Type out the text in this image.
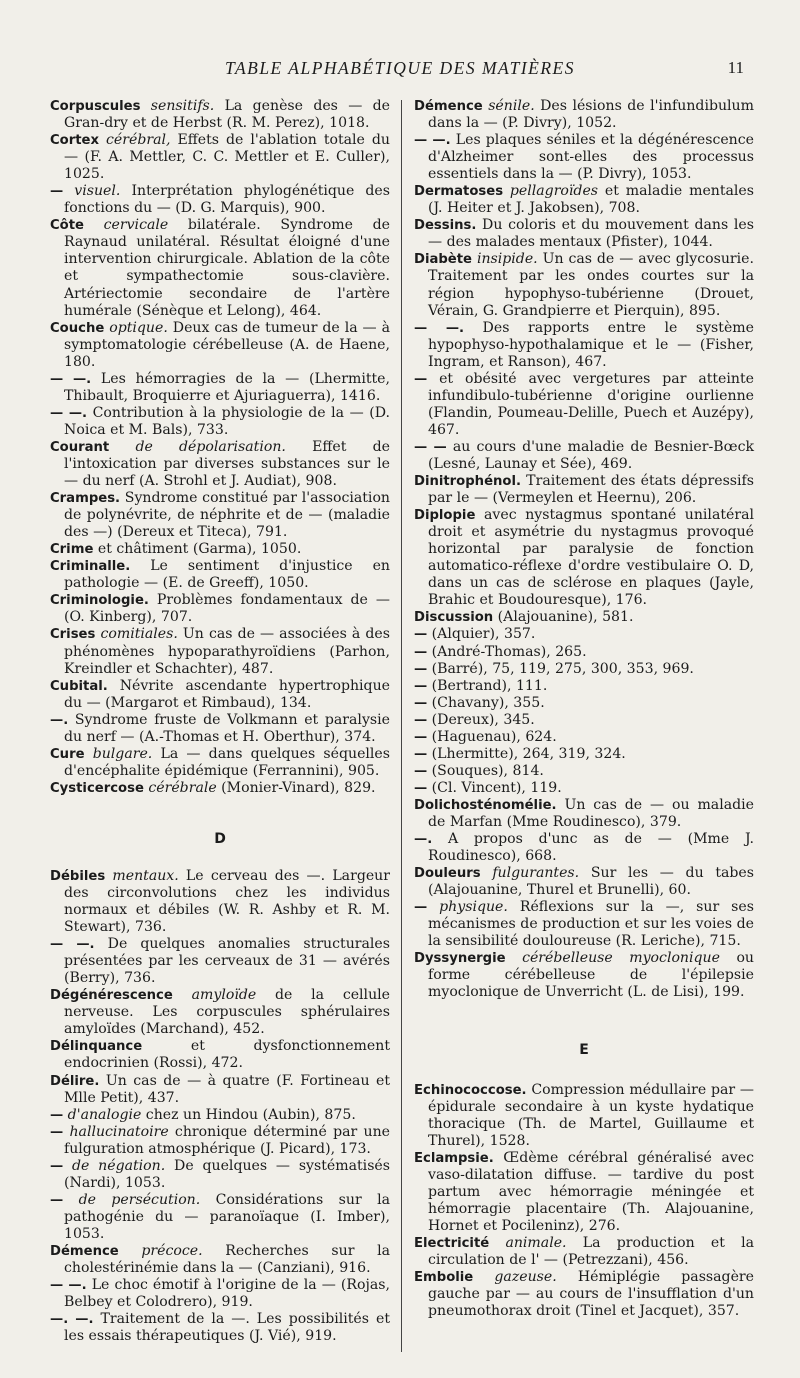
TABLE ALPHABÉTIQUE DES MATIÈRES	11

Corpuscules sensitifs. La genèse des — de Gran-dry et de Herbst (R. M. Perez), 1018.

Cortex cérébral, Effets de l'ablation totale du — (F. A. Mettler, C. C. Mettler et E. Culler), 1025.

— visuel. Interprétation phylogénétique des fonctions du — (D. G. Marquis), 900.

Côte cervicale bilatérale. Syndrome de Raynaud unilatéral. Résultat éloigné d'une intervention chirurgicale. Ablation de la côte et sympathectomie sous-clavière. Artériectomie secondaire de l'artère humérale (Sénèque et Lelong), 464.

Couche optique. Deux cas de tumeur de la — à symptomatologie cérébelleuse (A. de Haene, 180.

— —. Les hémorragies de la — (Lhermitte, Thibault, Broquierre et Ajuriaguerra), 1416.

— —. Contribution à la physiologie de la — (D. Noica et M. Bals), 733.

Courant de dépolarisation. Effet de l'intoxication par diverses substances sur le — du nerf (A. Strohl et J. Audiat), 908.

Crampes. Syndrome constitué par l'association de polynévrite, de néphrite et de — (maladie des —) (Dereux et Titeca), 791.

Crime et châtiment (Garma), 1050.

Criminalle. Le sentiment d'injustice en pathologie — (E. de Greeff), 1050.

Criminologie. Problèmes fondamentaux de — (O. Kinberg), 707.

Crises comitiales. Un cas de — associées à des phénomènes hypoparathyroïdiens (Parhon, Kreindler et Schachter), 487.

Cubital. Névrite ascendante hypertrophique du — (Margarot et Rimbaud), 134.

—. Syndrome fruste de Volkmann et paralysie du nerf — (A.-Thomas et H. Oberthur), 374.

Cure bulgare. La — dans quelques séquelles d'encéphalite épidémique (Ferrannini), 905.

Cysticercose cérébrale (Monier-Vinard), 829.

D

Débiles mentaux. Le cerveau des —. Largeur des circonvolutions chez les individus normaux et débiles (W. R. Ashby et R. M. Stewart), 736.

— —. De quelques anomalies structurales présentées par les cerveaux de 31 — avérés (Berry), 736.

Dégénérescence amyloïde de la cellule nerveuse. Les corpuscules sphérulaires amyloïdes (Marchand), 452.

Délinquance et dysfonctionnement endocrinien (Rossi), 472.

Délire. Un cas de — à quatre (F. Fortineau et Mlle Petit), 437.

— d'analogie chez un Hindou (Aubin), 875.

— hallucinatoire chronique déterminé par une fulguration atmosphérique (J. Picard), 173.

— de négation. De quelques — systématisés (Nardi), 1053.

— de persécution. Considérations sur la pathogénie du — paranoïaque (I. Imber), 1053.

Démence précoce. Recherches sur la cholestérinémie dans la — (Canziani), 916.

— —. Le choc émotif à l'origine de la — (Rojas, Belbey et Colodrero), 919.

—. —. Traitement de la —. Les possibilités et les essais thérapeutiques (J. Vié), 919.

Démence sénile. Des lésions de l'infundibulum dans la — (P. Divry), 1052.

— —. Les plaques séniles et la dégénérescence d'Alzheimer sont-elles des processus essentiels dans la — (P. Divry), 1053.

Dermatoses pellagroïdes et maladie mentales (J. Heiter et J. Jakobsen), 708.

Dessins. Du coloris et du mouvement dans les — des malades mentaux (Pfister), 1044.

Diabète insipide. Un cas de — avec glycosurie. Traitement par les ondes courtes sur la région hypophyso-tubérienne (Drouet, Vérain, G. Grandpierre et Pierquin), 895.

— —. Des rapports entre le système hypophyso-hypothalamique et le — (Fisher, Ingram, et Ranson), 467.

— et obésité avec vergetures par atteinte infundibulo-tubérienne d'origine ourlienne (Flandin, Poumeau-Delille, Puech et Auzépy), 467.

— — au cours d'une maladie de Besnier-Bœck (Lesné, Launay et Sée), 469.

Dinitrophénol. Traitement des états dépressifs par le — (Vermeylen et Heernu), 206.

Diplopie avec nystagmus spontané unilatéral droit et asymétrie du nystagmus provoqué horizontal par paralysie de fonction automatico-réflexe d'ordre vestibulaire O. D, dans un cas de sclérose en plaques (Jayle, Brahic et Boudouresque), 176.

Discussion (Alajouanine), 581.

— (Alquier), 357.

— (André-Thomas), 265.

— (Barré), 75, 119, 275, 300, 353, 969.

— (Bertrand), 111.

— (Chavany), 355.

— (Dereux), 345.

— (Haguenau), 624.

— (Lhermitte), 264, 319, 324.

— (Souques), 814.

— (Cl. Vincent), 119.

Dolichosténomélie. Un cas de — ou maladie de Marfan (Mme Roudinesco), 379.

—. A propos d'unc as de — (Mme J. Roudinesco), 668.

Douleurs fulgurantes. Sur les — du tabes (Alajouanine, Thurel et Brunelli), 60.

— physique. Réflexions sur la —, sur ses mécanismes de production et sur les voies de la sensibilité douloureuse (R. Leriche), 715.

Dyssynergie cérébelleuse myoclonique ou forme cérébelleuse de l'épilepsie myoclonique de Unverricht (L. de Lisi), 199.

E

Echinococcose. Compression médullaire par — épidurale secondaire à un kyste hydatique thoracique (Th. de Martel, Guillaume et Thurel), 1528.

Eclampsie. Œdème cérébral généralisé avec vaso-dilatation diffuse. — tardive du post partum avec hémorragie méningée et hémorragie placentaire (Th. Alajouanine, Hornet et Pocileninz), 276.

Electricité animale. La production et la circulation de l' — (Petrezzani), 456.

Embolie gazeuse. Hémiplégie passagère gauche par — au cours de l'insufflation d'un pneumothorax droit (Tinel et Jacquet), 357.
